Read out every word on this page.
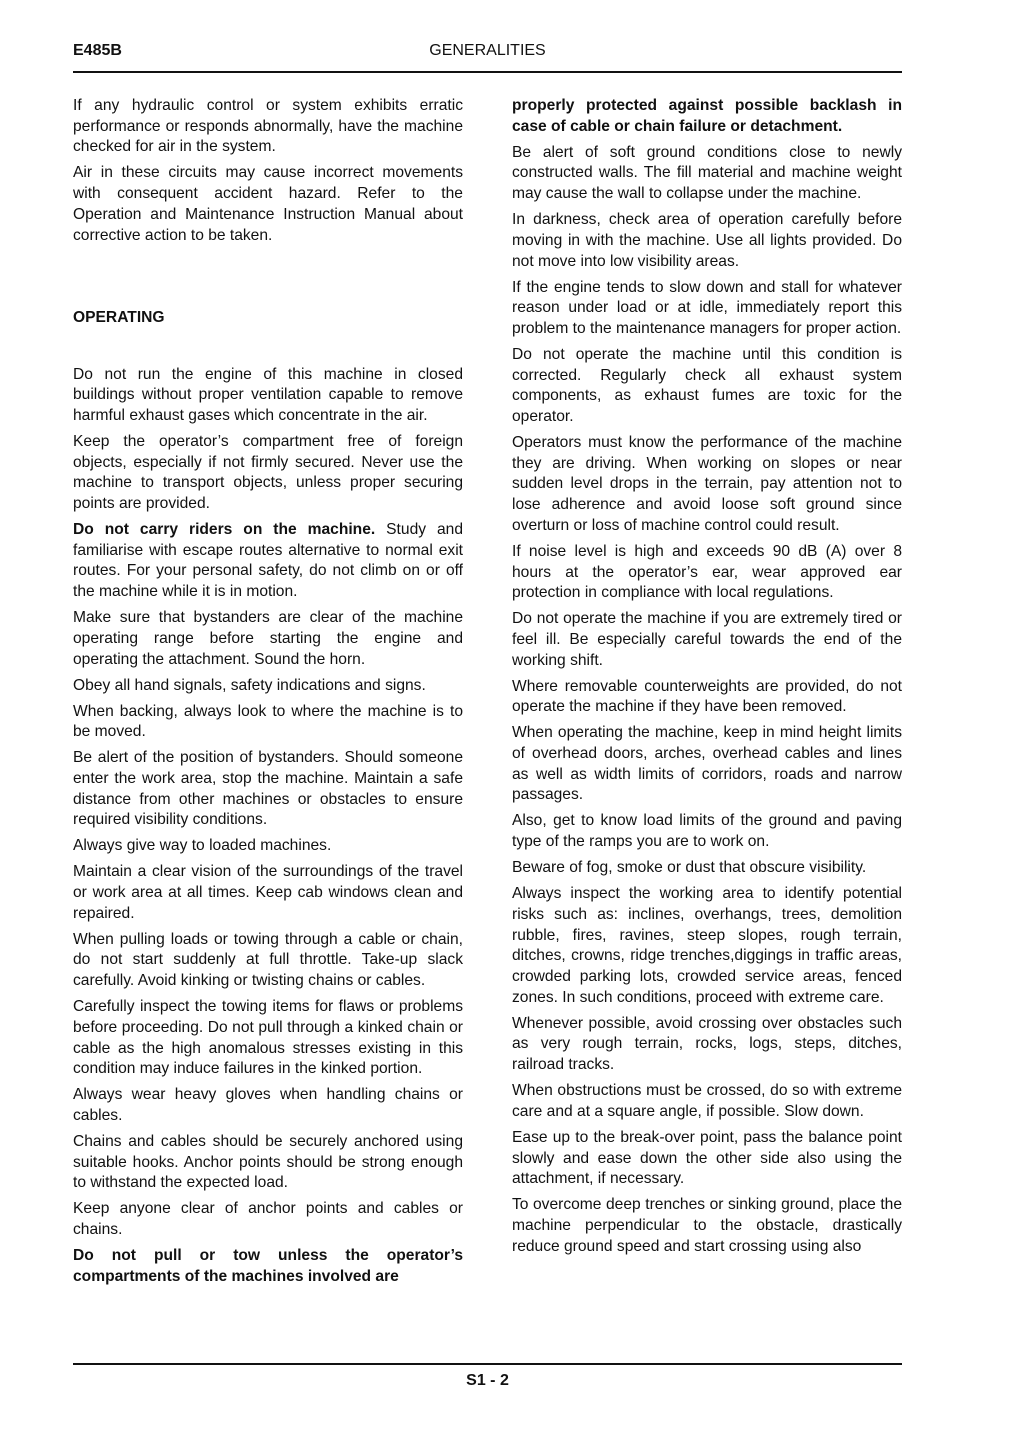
E485B	GENERALITIES

If any hydraulic control or system exhibits erratic performance or responds abnormally, have the machine checked for air in the system.

Air in these circuits may cause incorrect movements with consequent accident hazard. Refer to the Operation and Maintenance Instruction Manual about corrective action to be taken.

OPERATING

Do not run the engine of this machine in closed buildings without proper ventilation capable to remove harmful exhaust gases which concentrate in the air.

Keep the operator’s compartment free of foreign objects, especially if not firmly secured. Never use the machine to transport objects, unless proper securing points are provided.

Do not carry riders on the machine. Study and familiarise with escape routes alternative to normal exit routes. For your personal safety, do not climb on or off the machine while it is in motion.

Make sure that bystanders are clear of the machine operating range before starting the engine and operating the attachment. Sound the horn.

Obey all hand signals, safety indications and signs.

When backing, always look to where the machine is to be moved.

Be alert of the position of bystanders. Should someone enter the work area, stop the machine. Maintain a safe distance from other machines or obstacles to ensure required visibility conditions.

Always give way to loaded machines.

Maintain a clear vision of the surroundings of the travel or work area at all times. Keep cab windows clean and repaired.

When pulling loads or towing through a cable or chain, do not start suddenly at full throttle. Take-up slack carefully. Avoid kinking or twisting chains or cables.

Carefully inspect the towing items for flaws or problems before proceeding. Do not pull through a kinked chain or cable as the high anomalous stresses existing in this condition may induce failures in the kinked portion.

Always wear heavy gloves when handling chains or cables.

Chains and cables should be securely anchored using suitable hooks. Anchor points should be strong enough to withstand the expected load.

Keep anyone clear of anchor points and cables or chains.

Do not pull or tow unless the operator’s compartments of the machines involved are

properly protected against possible backlash in case of cable or chain failure or detachment.

Be alert of soft ground conditions close to newly constructed walls. The fill material and machine weight may cause the wall to collapse under the machine.

In darkness, check area of operation carefully before moving in with the machine. Use all lights provided. Do not move into low visibility areas.

If the engine tends to slow down and stall for whatever reason under load or at idle, immediately report this problem to the maintenance managers for proper action.

Do not operate the machine until this condition is corrected. Regularly check all exhaust system components, as exhaust fumes are toxic for the operator.

Operators must know the performance of the machine they are driving. When working on slopes or near sudden level drops in the terrain, pay attention not to lose adherence and avoid loose soft ground since overturn or loss of machine control could result.

If noise level is high and exceeds 90 dB (A) over 8 hours at the operator’s ear, wear approved ear protection in compliance with local regulations.

Do not operate the machine if you are extremely tired or feel ill. Be especially careful towards the end of the working shift.

Where removable counterweights are provided, do not operate the machine if they have been removed.

When operating the machine, keep in mind height limits of overhead doors, arches, overhead cables and lines as well as width limits of corridors, roads and narrow passages.

Also, get to know load limits of the ground and paving type of the ramps you are to work on.

Beware of fog, smoke or dust that obscure visibility.

Always inspect the working area to identify potential risks such as: inclines, overhangs, trees, demolition rubble, fires, ravines, steep slopes, rough terrain, ditches, crowns, ridge trenches,diggings in traffic areas, crowded parking lots, crowded service areas, fenced zones. In such conditions, proceed with extreme care.

Whenever possible, avoid crossing over obstacles such as very rough terrain, rocks, logs, steps, ditches, railroad tracks.

When obstructions must be crossed, do so with extreme care and at a square angle, if possible. Slow down.

Ease up to the break-over point, pass the balance point slowly and ease down the other side also using the attachment, if necessary.

To overcome deep trenches or sinking ground, place the machine perpendicular to the obstacle, drastically reduce ground speed and start crossing using also

S1 - 2
